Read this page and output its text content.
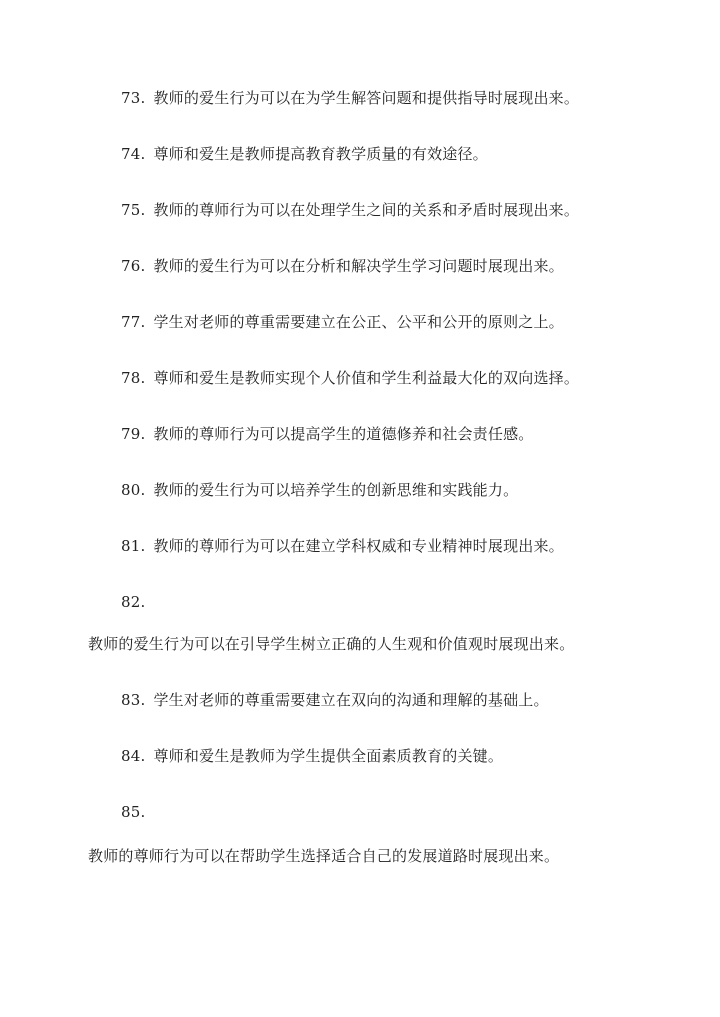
73. 教师的爱生行为可以在为学生解答问题和提供指导时展现出来。
74. 尊师和爱生是教师提高教育教学质量的有效途径。
75. 教师的尊师行为可以在处理学生之间的关系和矛盾时展现出来。
76. 教师的爱生行为可以在分析和解决学生学习问题时展现出来。
77. 学生对老师的尊重需要建立在公正、公平和公开的原则之上。
78. 尊师和爱生是教师实现个人价值和学生利益最大化的双向选择。
79. 教师的尊师行为可以提高学生的道德修养和社会责任感。
80. 教师的爱生行为可以培养学生的创新思维和实践能力。
81. 教师的尊师行为可以在建立学科权威和专业精神时展现出来。
82.
教师的爱生行为可以在引导学生树立正确的人生观和价值观时展现出来。
83. 学生对老师的尊重需要建立在双向的沟通和理解的基础上。
84. 尊师和爱生是教师为学生提供全面素质教育的关键。
85.
教师的尊师行为可以在帮助学生选择适合自己的发展道路时展现出来。
